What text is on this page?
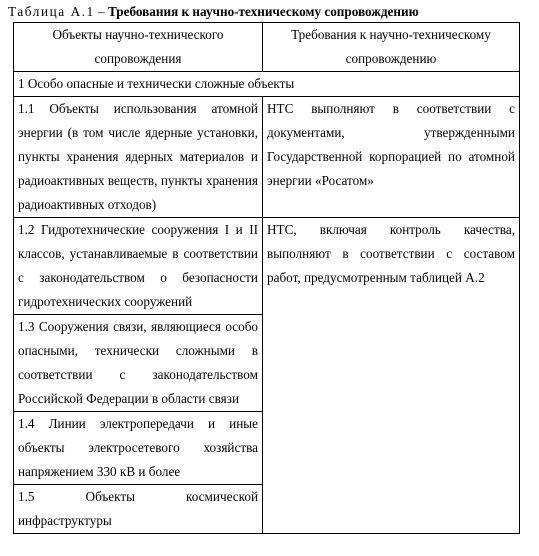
Таблица А.1 – Требования к научно-техническому сопровождению
Объекты научно-технического сопровождения	Требования к научно-техническому сопровождению
1 Особо опасные и технически сложные объекты	
1.1 Объекты использования атомной энергии (в том числе ядерные установки, пункты хранения ядерных материалов и радиоактивных веществ, пункты хранения радиоактивных отходов)	НТС выполняют в соответствии с документами, утвержденными Государственной корпорацией по атомной энергии «Росатом»
1.2 Гидротехнические сооружения I и II классов, устанавливаемые в соответствии с законодательством о безопасности гидротехнических сооружений	НТС, включая контроль качества, выполняют в соответствии с составом работ, предусмотренным таблицей А.2
1.3 Сооружения связи, являющиеся особо опасными, технически сложными в соответствии с законодательством Российской Федерации в области связи	
1.4 Линии электропередачи и иные объекты электросетевого хозяйства напряжением 330 кВ и более	
1.5 Объекты космической инфраструктуры	
